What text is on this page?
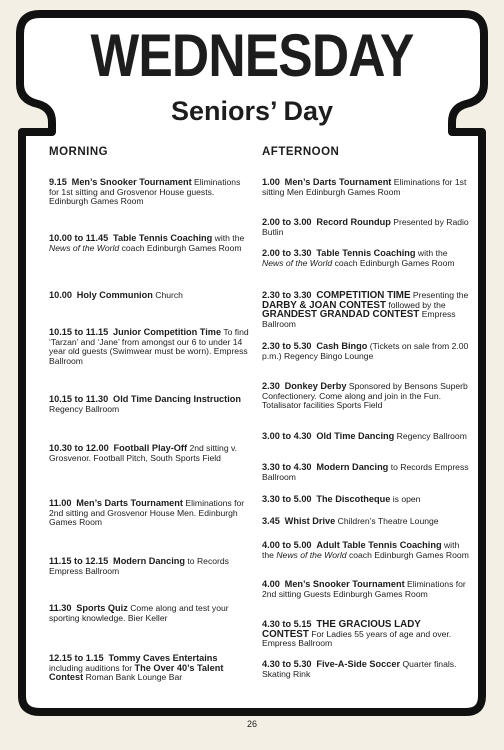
WEDNESDAY
Seniors’ Day
MORNING	AFTERNOON
9.15 Men’s Snooker Tournament Eliminations for 1st sitting and Grosvenor House guests. Edinburgh Games Room
10.00 to 11.45 Table Tennis Coaching with the News of the World coach Edinburgh Games Room
10.00 Holy Communion Church
10.15 to 11.15 Junior Competition Time To find ‘Tarzan’ and ‘Jane’ from amongst our 6 to under 14 year old guests (Swimwear must be worn). Empress Ballroom
10.15 to 11.30 Old Time Dancing Instruction Regency Ballroom
10.30 to 12.00 Football Play-Off 2nd sitting v. Grosvenor. Football Pitch, South Sports Field
11.00 Men’s Darts Tournament Eliminations for 2nd sitting and Grosvenor House Men. Edinburgh Games Room
11.15 to 12.15 Modern Dancing to Records Empress Ballroom
11.30 Sports Quiz Come along and test your sporting knowledge. Bier Keller
12.15 to 1.15 Tommy Caves Entertains including auditions for The Over 40’s Talent Contest Roman Bank Lounge Bar
1.00 Men’s Darts Tournament Eliminations for 1st sitting Men Edinburgh Games Room
2.00 to 3.00 Record Roundup Presented by Radio Butlin
2.00 to 3.30 Table Tennis Coaching with the News of the World coach Edinburgh Games Room
2.30 to 3.30 COMPETITION TIME Presenting the DARBY & JOAN CONTEST followed by the GRANDEST GRANDAD CONTEST Empress Ballroom
2.30 to 5.30 Cash Bingo (Tickets on sale from 2.00 p.m.) Regency Bingo Lounge
2.30 Donkey Derby Sponsored by Bensons Superb Confectionery. Come along and join in the Fun. Totalisator facilities Sports Field
3.00 to 4.30 Old Time Dancing Regency Ballroom
3.30 to 4.30 Modern Dancing to Records Empress Ballroom
3.30 to 5.00 The Discotheque is open
3.45 Whist Drive Children’s Theatre Lounge
4.00 to 5.00 Adult Table Tennis Coaching with the News of the World coach Edinburgh Games Room
4.00 Men’s Snooker Tournament Eliminations for 2nd sitting Guests Edinburgh Games Room
4.30 to 5.15 THE GRACIOUS LADY CONTEST For Ladies 55 years of age and over. Empress Ballroom
4.30 to 5.30 Five-A-Side Soccer Quarter finals. Skating Rink
26
